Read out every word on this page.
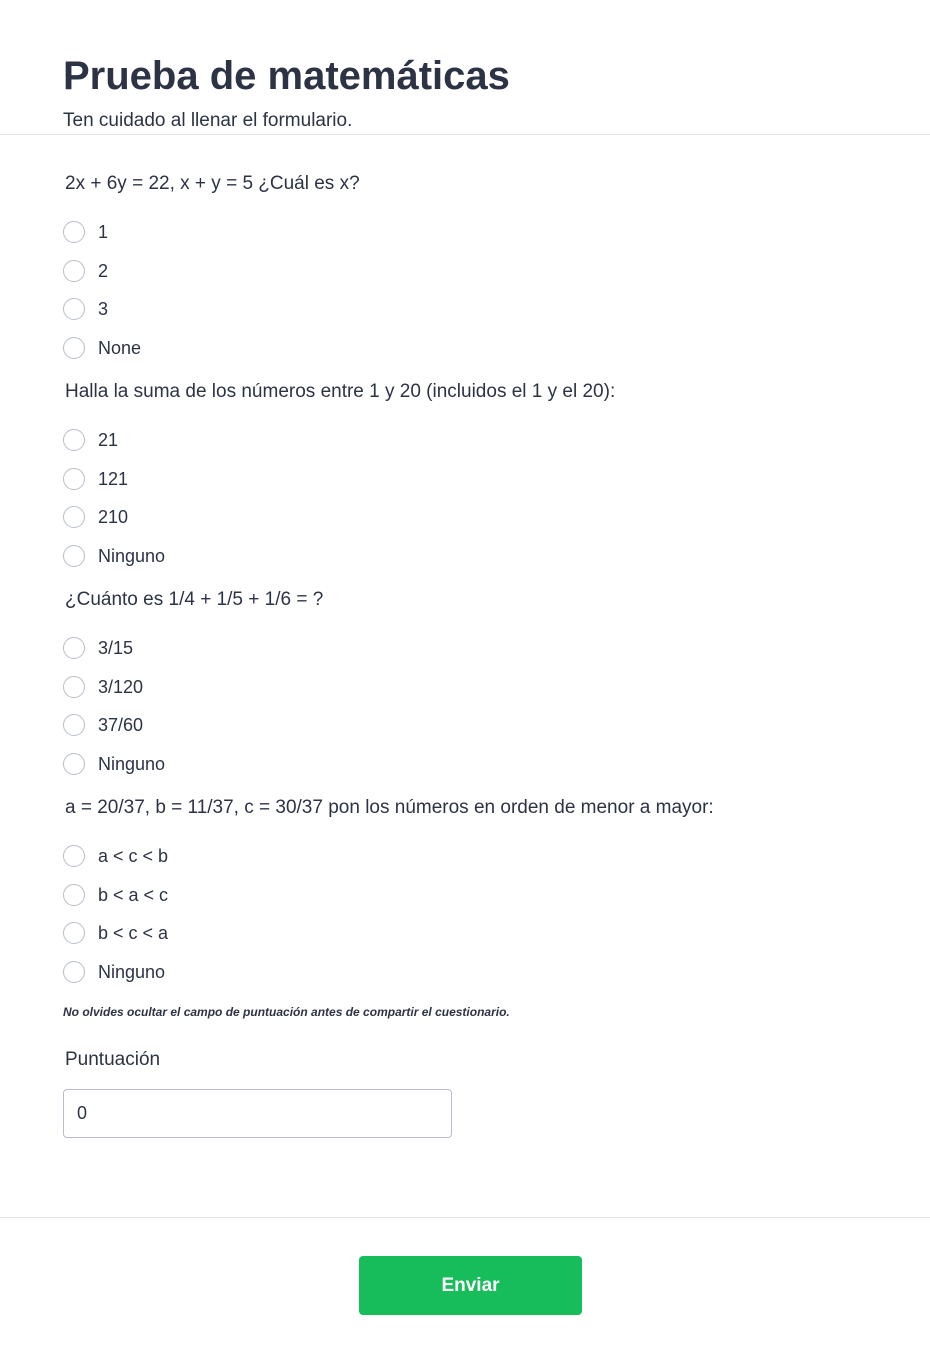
Prueba de matemáticas
Ten cuidado al llenar el formulario.
2x + 6y = 22, x + y = 5 ¿Cuál es x?
1
2
3
None
Halla la suma de los números entre 1 y 20 (incluidos el 1 y el 20):
21
121
210
Ninguno
¿Cuánto es 1/4 + 1/5 + 1/6 = ?
3/15
3/120
37/60
Ninguno
a = 20/37, b = 11/37, c = 30/37 pon los números en orden de menor a mayor:
a < c < b
b < a < c
b < c < a
Ninguno
No olvides ocultar el campo de puntuación antes de compartir el cuestionario.
Puntuación
0
Enviar
